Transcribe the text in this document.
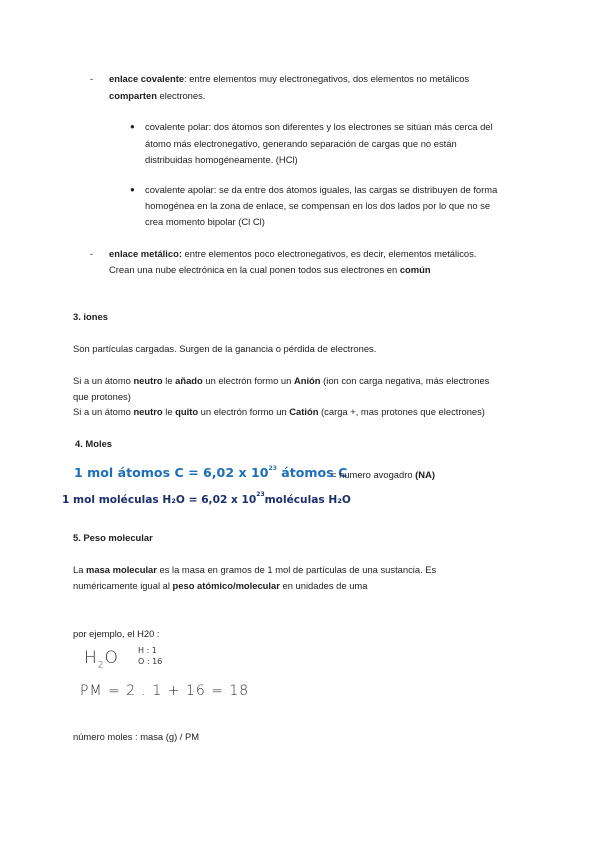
- enlace covalente: entre elementos muy electronegativos, dos elementos no metálicos
comparten electrones.
● covalente polar: dos átomos son diferentes y los electrones se sitúan más cerca del
átomo más electronegativo, generando separación de cargas que no están
distribuidas homogéneamente. (HCl)
● covalente apolar: se da entre dos átomos iguales, las cargas se distribuyen de forma
homogénea en la zona de enlace, se compensan en los dos lados por lo que no se
crea momento bipolar (Cl Cl)
- enlace metálico: entre elementos poco electronegativos, es decir, elementos metálicos.
Crean una nube electrónica en la cual ponen todos sus electrones en común
3. iones
Son partículas cargadas. Surgen de la ganancia o pérdida de electrones.
Si a un átomo neutro le añado un electrón formo un Anión (ion con carga negativa, más electrones
que protones)
Si a un átomo neutro le quito un electrón formo un Catión (carga +, mas protones que electrones)
4. Moles
1 mol átomos C = 6,02 x $10^{23}$ átomos C
= numero avogadro (NA)
1 mol moléculas H₂O = 6,02 x $10^{23}moléculas$ H₂O
5. Peso molecular
La masa molecular es la masa en gramos de 1 mol de partículas de una sustancia. Es
numéricamente igual al peso atómico/molecular en unidades de uma
por ejemplo, el H20 :
$H_2O$ H : 1
O : 16
PM = 2 . 1 + 16 = 18
número moles : masa (g) / PM
